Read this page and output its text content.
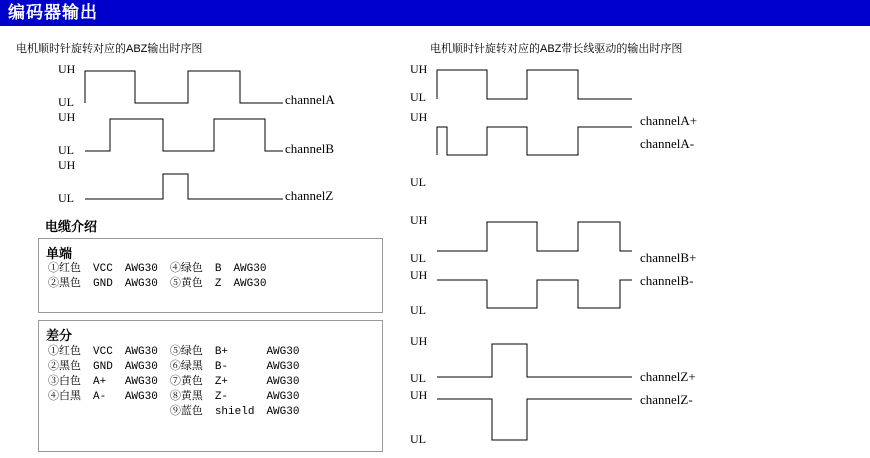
编码器输出
电机顺时针旋转对应的ABZ输出时序图	电机顺时针旋转对应的ABZ带长线驱动的输出时序图
UH
UL
UH
UL
UH
UL
channelA
channelB
channelZ
UH
UL
UH
UL
UH
UL
UH
UL
UH
UL
UH
UL
channelA+
channelA-
channelB+
channelB-
channelZ+
channelZ-
电缆介绍
单端
①红色	VCC	AWG30	④绿色	B	AWG30
②黑色	GND	AWG30	⑤黄色	Z	AWG30
差分
①红色	VCC	AWG30	⑤绿色	B+	AWG30
②黑色	GND	AWG30	⑥绿黑	B-	AWG30
③白色	A+	AWG30	⑦黄色	Z+	AWG30
④白黑	A-	AWG30	⑧黄黑	Z-	AWG30
			⑨蓝色	shield	AWG30
